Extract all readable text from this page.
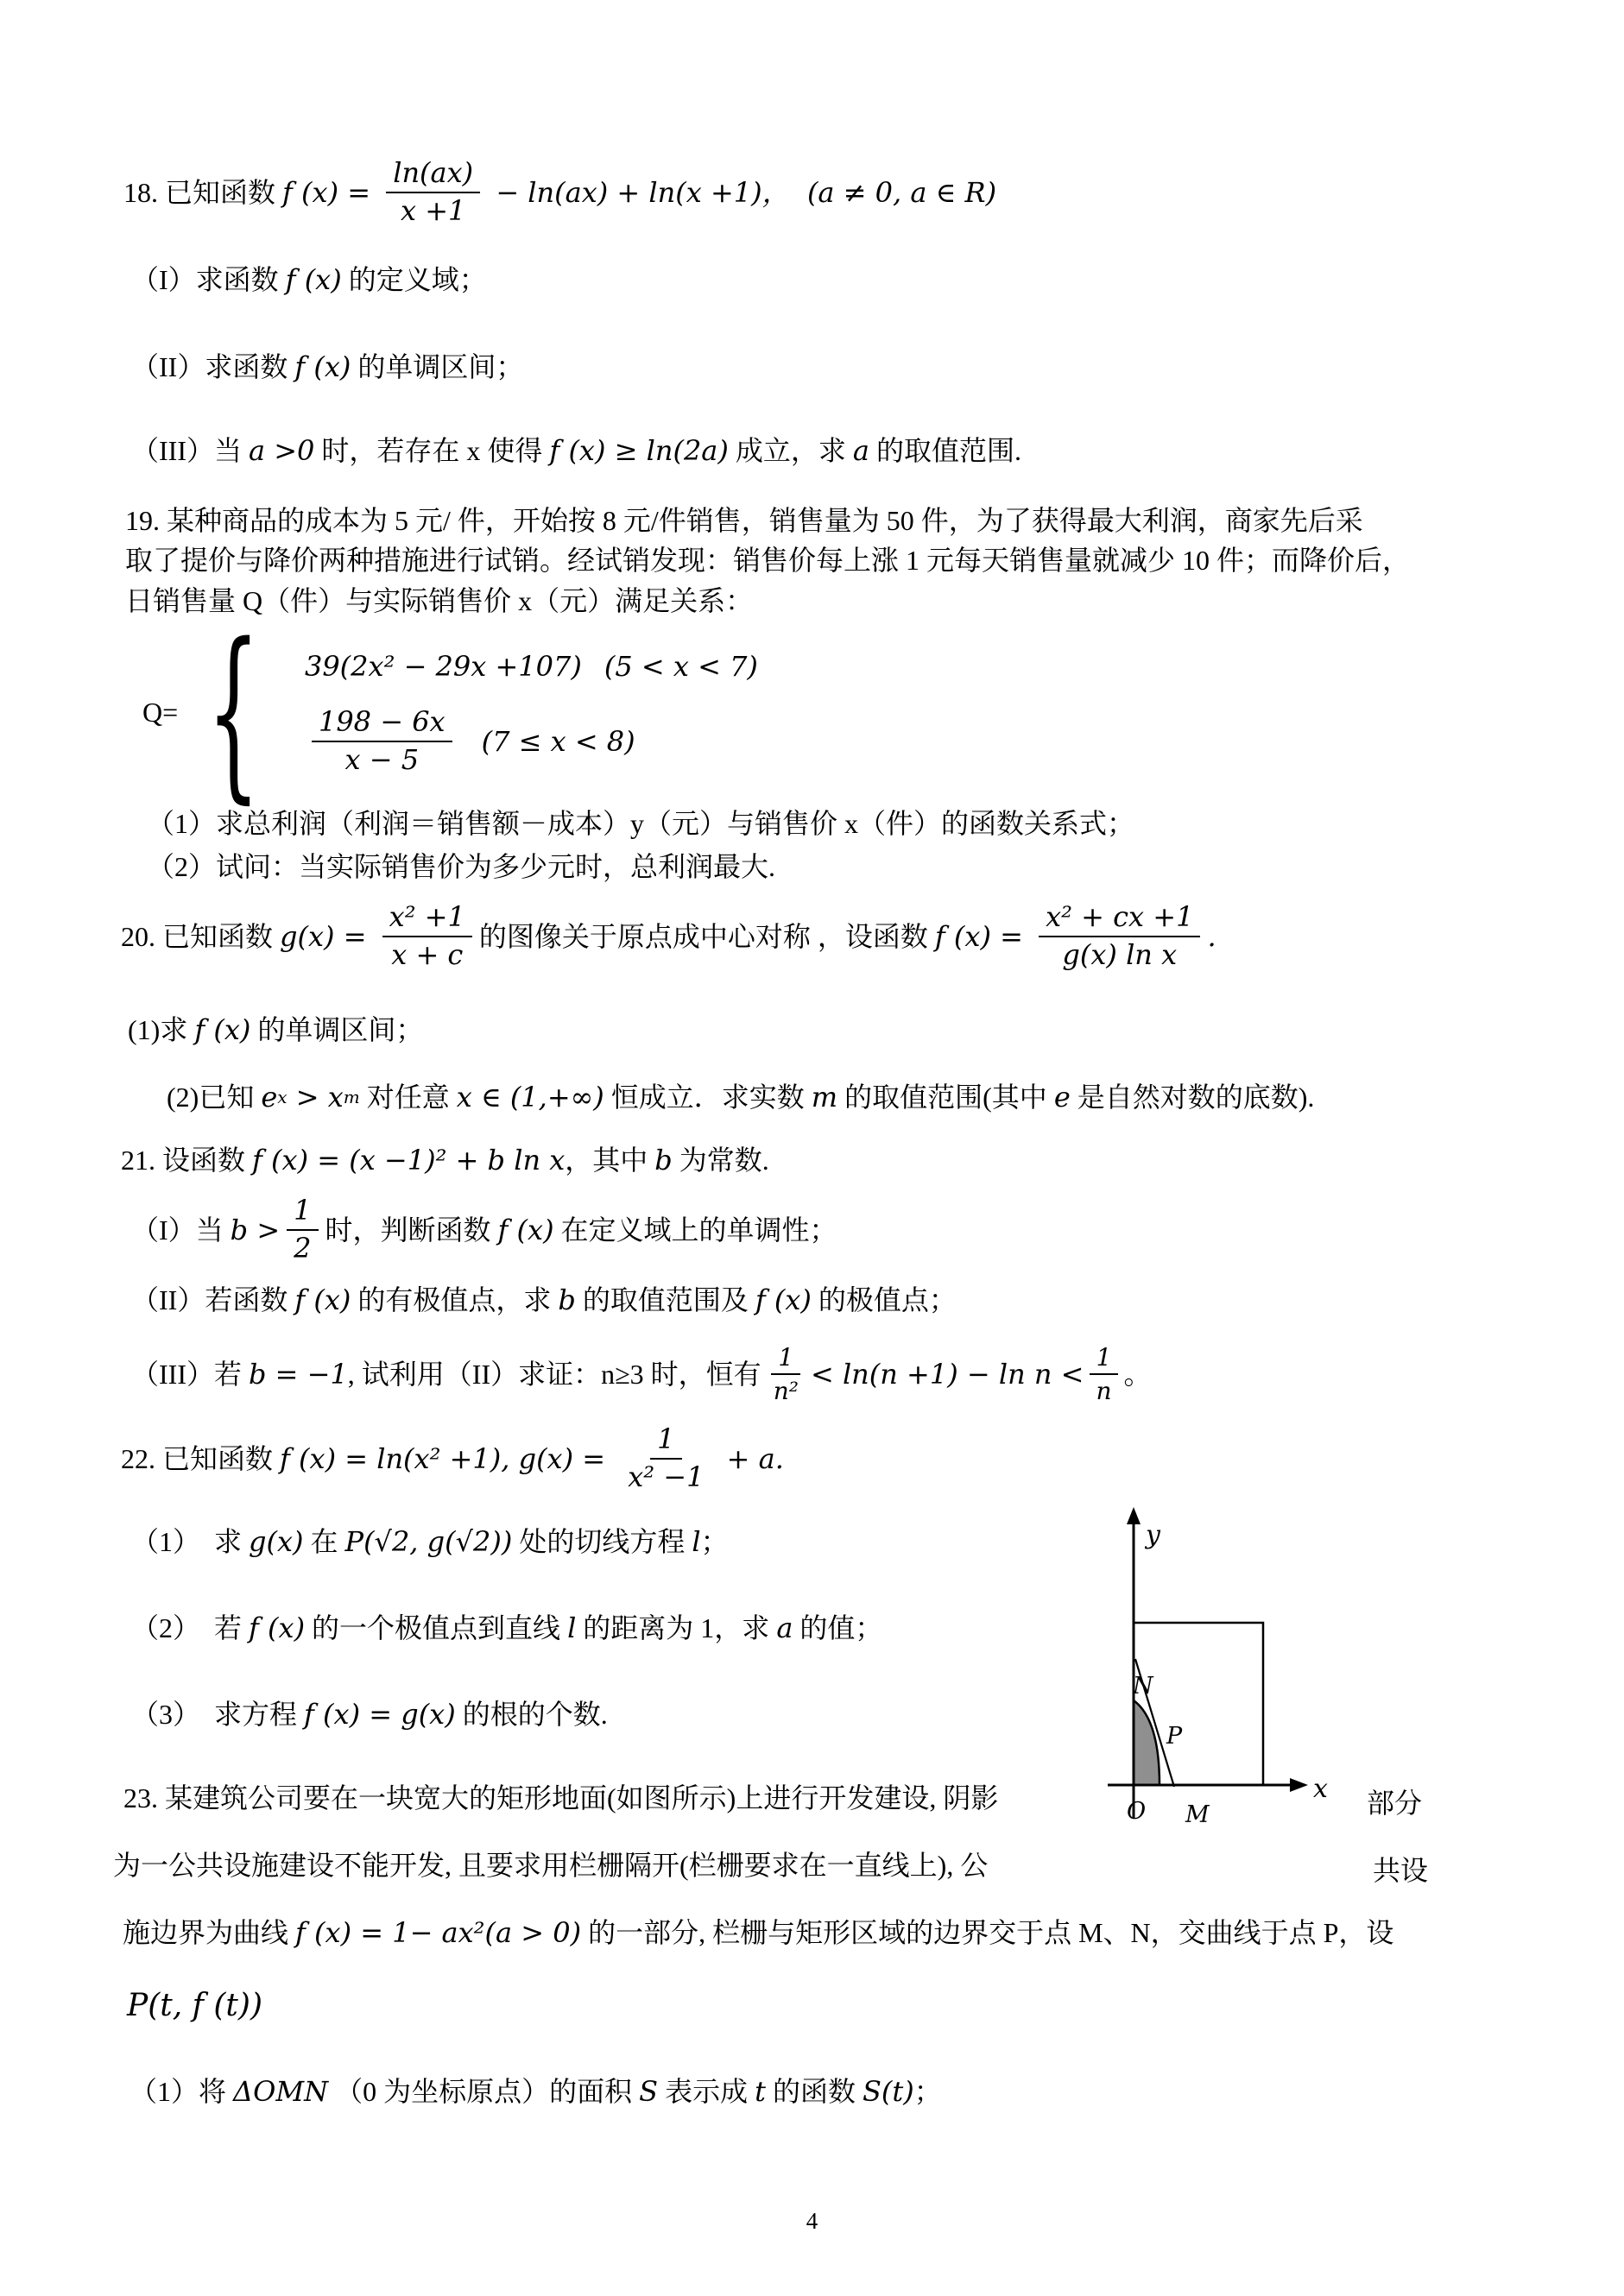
18. 已知函数 f $(x) = \frac{\ln(ax)}{x +1} - \ln(ax) + \ln(x +1)$，  (a ≠ 0, a ∈ R)
（I）求函数 f (x) 的定义域；
（II）求函数 f (x) 的单调区间；
（III）当 a >0 时，若存在 x 使得 f (x) ≥ ln(2a) 成立，求 a 的取值范围.
19. 某种商品的成本为 5 元/ 件，开始按 8 元/件销售，销售量为 50 件，为了获得最大利润，商家先后采
取了提价与降价两种措施进行试销。经试销发现：销售价每上涨 1 元每天销售量就减少 10 件；而降价后，
日销售量 Q（件）与实际销售价 x（元）满足关系：
Q= { 39(2x² − 29x +107) (5 < x < 7)
$\frac{198 - 6x}{x - 5} (7 \le x < 8)$
（1）求总利润（利润＝销售额－成本）y（元）与销售价 x（件）的函数关系式；
（2）试问：当实际销售价为多少元时，总利润最大.
20. 已知函数 $g(x) = \frac{\text{x² +1}}{x + c}$ 的图像关于原点成中心对称 ，设函数 f $(x) = \frac{\text{x² + cx +1}}{\text{g(x) ln x}}$ .
(1)求 f (x) 的单调区间；
(2)已知 e x > x m 对任意 x ∈ (1,+∞) 恒成立．求实数 m 的取值范围(其中 e 是自然对数的底数).
21. 设函数 f (x) = (x −1)² + b ln x ，其中 b 为常数.
（I）当 $b > \frac{1}{2}$ 时，判断函数 f (x) 在定义域上的单调性；
（II）若函数 f (x) 的有极值点，求 b 的取值范围及 f (x) 的极值点；
（III）若 b = −1 , 试利用（II）求证：n≥3 时，恒有 $\frac{1}{\text{n²}} < \ln(n +1) - \ln n < \frac{1}{n}$ 。
22. 已知函数 f (x) = ln(x² +1), $g(x) = \frac{1}{\text{x² −1}} + a$.
（1）　求 g(x) 在 P(√2, g(√2)) 处的切线方程 l ；
（2）　若 f (x) 的一个极值点到直线 l 的距离为 1，求 a 的值；
（3）　求方程 f (x) = g(x) 的根的个数.
23. 某建筑公司要在一块宽大的矩形地面(如图所示)上进行开发建设, 阴影	部分
为一公共设施建设不能开发, 且要求用栏栅隔开(栏栅要求在一直线上), 公	共设
施边界为曲线 f (x) = 1− ax²(a > 0) 的一部分, 栏栅与矩形区域的边界交于点 M、N，交曲线于点 P，设
P(t, f (t))
（1）将 ΔOMN （0 为坐标原点）的面积 S 表示成 t 的函数 S(t) ；
y
x
N
P
O M
4
